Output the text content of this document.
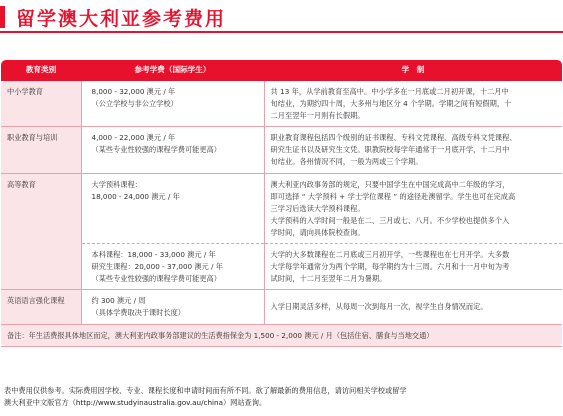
留学澳大利亚参考费用
教育类别	参考学费（国际学生）	学　制
中小学教育	8,000 - 32,000 澳元 / 年
（公立学校与非公立学校）	共 13 年，从学前教育至高中。中小学多在一月底或二月初开课，十二月中
旬结业，为期约四十周，大多州与地区分 4 个学期。学期之间有短假期，十
二月至翌年一月则有长假期。

职业教育与培训	4,000 - 22,000 澳元 / 年
（某些专业性较强的课程学费可能更高）	职业教育课程包括四个级别的证书课程、专科文凭课程、高级专科文凭课程、
研究生证书以及研究生文凭。职教院校每学年通常于一月底开学，十二月中
旬结业。各州情况不同，一般为两或三个学期。

高等教育	大学预科课程：
18,000 - 24,000 澳元 / 年	澳大利亚内政事务部的规定，只要中国学生在中国完成高中二年级的学习，
即可选择 “ 大学预科 + 学士学位课程 ” 的途径赴澳留学。学生也可在完成高
三学习后选读大学预科课程。
大学预科的入学时间一般是在二、三月或七、八月。不少学校也提供多个入
学时间，请向具体院校查询。

	本科课程：18,000 - 33,000 澳元 / 年
研究生课程：20,000 - 37,000 澳元 / 年
（某些专业性较强的课程学费可能更高）	大学的大多数课程在二月底或三月初开学，一些课程也在七月开学。大多数
大学每学年通常分为两个学期，每学期约为十三周。六月和十一月中旬为考
试时间，十二月至翌年二月为暑期。

英语语言强化课程	约 300 澳元 / 周
（具体学费取决于课时长度）	入学日期灵活多样，从每周一次到每月一次，视学生自身情况而定。

备注：年生活费报具体地区而定，澳大利亚内政事务部建议的生活费指保金为 1,500 - 2,000 澳元 / 月（包括住宿、膳食与当地交通）		
表中费用仅供参考。实际费用因学校、专业、课程长度和申请时间而有所不同。欲了解最新的费用信息，请访问相关学校或留学
澳大利亚中文版官方（http://www.studyinaustralia.gov.au/china）网站查询。
